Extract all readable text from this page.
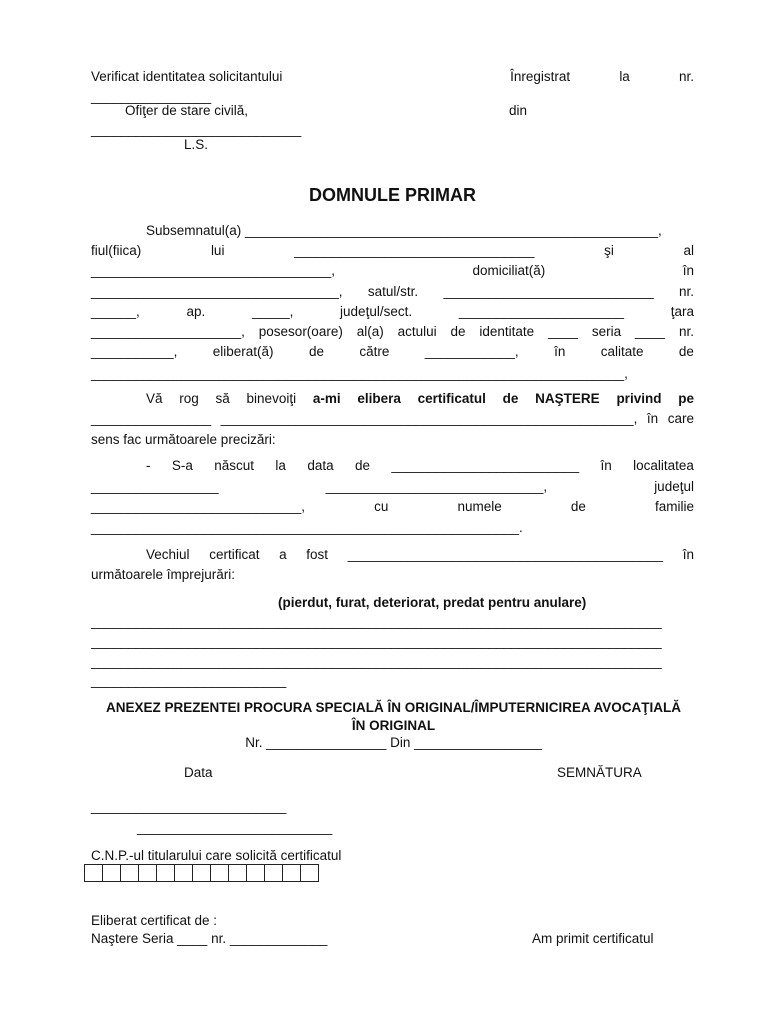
Verificat identitatea solicitantului	Înregistrat	la	nr.
________________
Ofiţer de stare civilă,	din
____________________________
L.S.
DOMNULE PRIMAR
Subsemnatul(a) _______________________________________________________,
fiul(fiica)	lui	________________________________	şi	al
________________________________,	domiciliat(ă)	în
_________________________________, satul/str. ____________________________ nr.
______,	ap.	_____,	judeţul/sect.	______________________	ţara
____________________, posesor(oare) al(a) actului de identitate ____ seria ____ nr.
___________,	eliberat(ă)	de	către	____________,	în	calitate	de
_______________________________________________________________________,
Vă rog să binevoiţi a-mi elibera certificatul de NAŞTERE privind pe
________________ _______________________________________________________, în care
sens fac următoarele precizări:
- S-a născut la data de _________________________ în localitatea
_________________	_____________________________,	judeţul
____________________________,	cu	numele	de	familie
_________________________________________________________.
Vechiul certificat a fost __________________________________________ în
următoarele împrejurări:
(pierdut, furat, deteriorat, predat pentru anulare)
____________________________________________________________________________
____________________________________________________________________________
____________________________________________________________________________
__________________________
ANEXEZ PREZENTEI PROCURA SPECIALĂ ÎN ORIGINAL/ÎMPUTERNICIREA AVOCAŢIALĂ ÎN ORIGINAL
Nr. ________________ Din _________________
Data	SEMNĂTURA
__________________________
__________________________
C.N.P.-ul titularului care solicită certificatul
Eliberat certificat de :
Naştere Seria ____ nr. _____________	Am primit certificatul
